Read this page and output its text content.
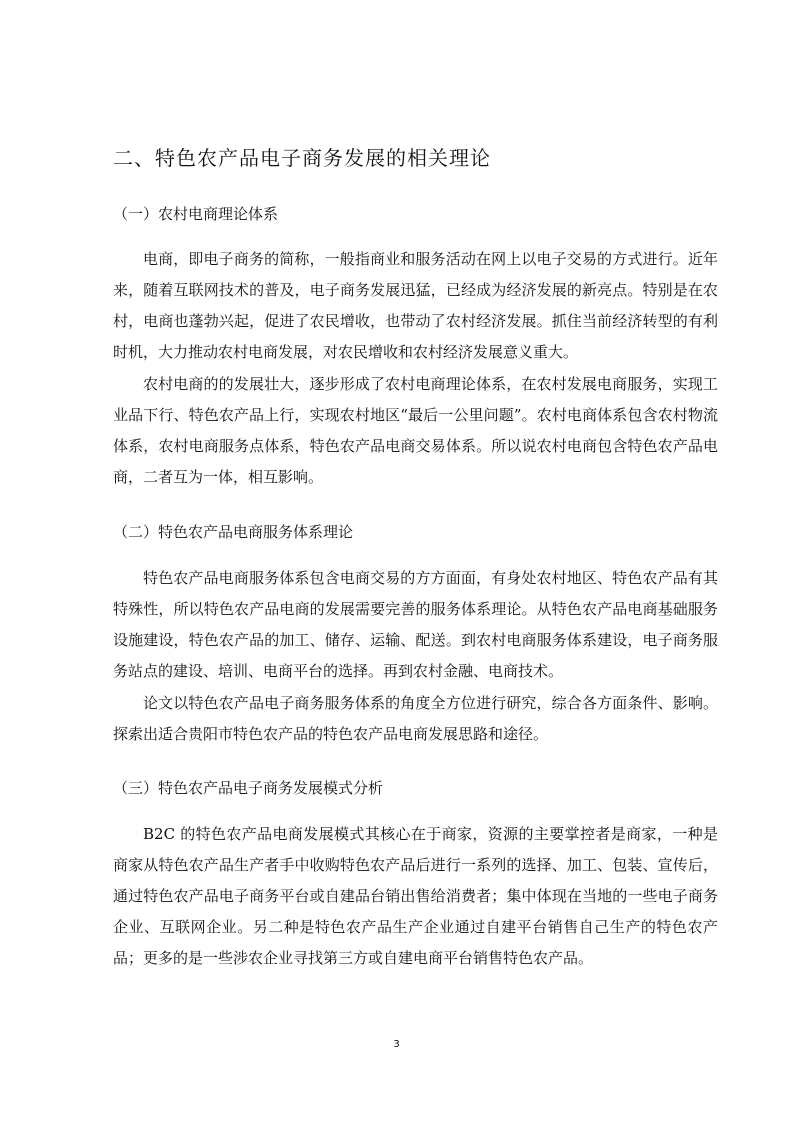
二、特色农产品电子商务发展的相关理论
（一）农村电商理论体系

电商，即电子商务的简称，一般指商业和服务活动在网上以电子交易的方式进行。近年来，随着互联网技术的普及，电子商务发展迅猛，已经成为经济发展的新亮点。特别是在农村，电商也蓬勃兴起，促进了农民增收，也带动了农村经济发展。抓住当前经济转型的有利时机，大力推动农村电商发展，对农民增收和农村经济发展意义重大。

农村电商的的发展壮大，逐步形成了农村电商理论体系，在农村发展电商服务，实现工业品下行、特色农产品上行，实现农村地区“最后一公里问题”。农村电商体系包含农村物流体系，农村电商服务点体系，特色农产品电商交易体系。所以说农村电商包含特色农产品电商，二者互为一体，相互影响。

（二）特色农产品电商服务体系理论

特色农产品电商服务体系包含电商交易的方方面面，有身处农村地区、特色农产品有其特殊性，所以特色农产品电商的发展需要完善的服务体系理论。从特色农产品电商基础服务设施建设，特色农产品的加工、储存、运输、配送。到农村电商服务体系建设，电子商务服务站点的建设、培训、电商平台的选择。再到农村金融、电商技术。

论文以特色农产品电子商务服务体系的角度全方位进行研究，综合各方面条件、影响。探索出适合贵阳市特色农产品的特色农产品电商发展思路和途径。

（三）特色农产品电子商务发展模式分析

B2C 的特色农产品电商发展模式其核心在于商家，资源的主要掌控者是商家，一种是商家从特色农产品生产者手中收购特色农产品后进行一系列的选择、加工、包装、宣传后，通过特色农产品电子商务平台或自建品台销出售给消费者；集中体现在当地的一些电子商务企业、互联网企业。另二种是特色农产品生产企业通过自建平台销售自己生产的特色农产品；更多的是一些涉农企业寻找第三方或自建电商平台销售特色农产品。

3
